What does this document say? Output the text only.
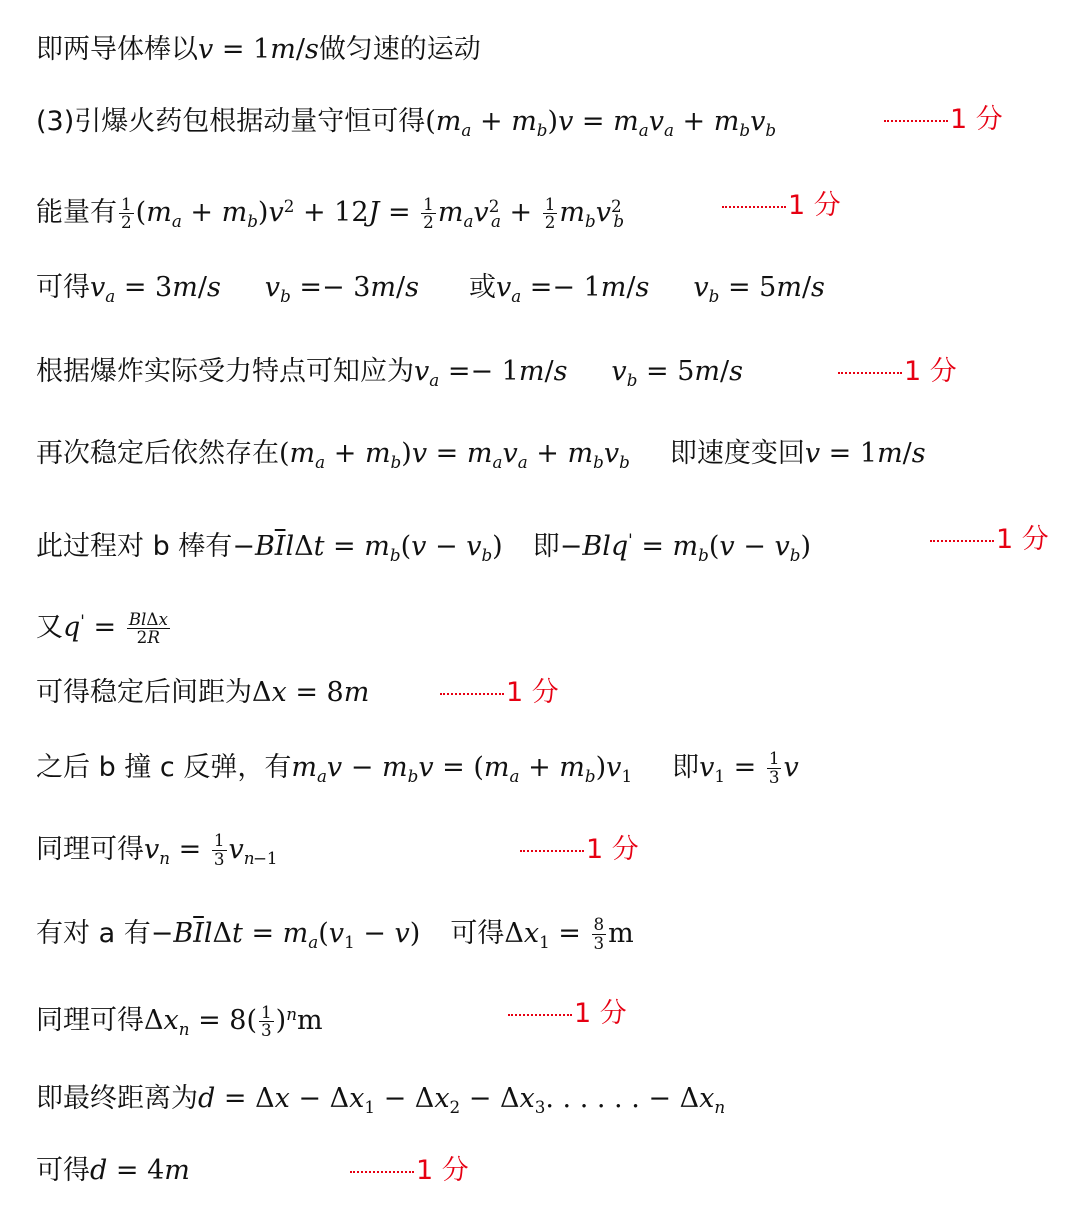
即两导体棒以v = 1m/s做匀速的运动
(3)引爆火药包根据动量守恒可得$(m_a + m_b)v = m_av_a + m_bv_b$	1 分
能量有 $\frac{1}{2} (m_a + m_b)v^2 + 12J = \frac{1}{2} m_av^2_a + \frac{1}{2} m_bv^2_b$
1 分
可得$v_a = 3m/s$ $v_b =- 3m/s$ 或$v_a =- 1m/s$ $v_b = 5m/s$
根据爆炸实际受力特点可知应为$v_a =- 1m/s$ $v_b = 5m/s$	1 分
再次稳定后依然存在$(m_a + m_b)v = m_av_a + m_bv_b$ 即速度变回v = 1m/s
此过程对 b 棒有$-B\overline{I}l\Delta t = m_b(v - v_b)$ 即$-Blq' = m_b(v - v_b)$	1 分
又$q' = \frac{\text{BlΔx}}{2R}$
可得稳定后间距为Δx = 8m	1 分
之后 b 撞 c 反弹，有$m_av - m_bv = (m_a + m_b)v_1$ 即$v_1 = \frac{1}{3}$ v
同理可得$v_n = \frac{1}{3} v_{n-1}$	1 分
有对 a 有$-B\overline{I}l\Delta t = m_a(v_1 - v)$ 可得$\Delta x_1 = \frac{8}{3}$ m
同理可得$\Delta x_n = 8( \frac{1}{3} )^nm$	1 分
即最终距离为$d = \Delta x - \Delta x_1 - \Delta x_2 - \Delta x_3$. . . . . . − $\Delta x_n$
可得d = 4m	1 分
